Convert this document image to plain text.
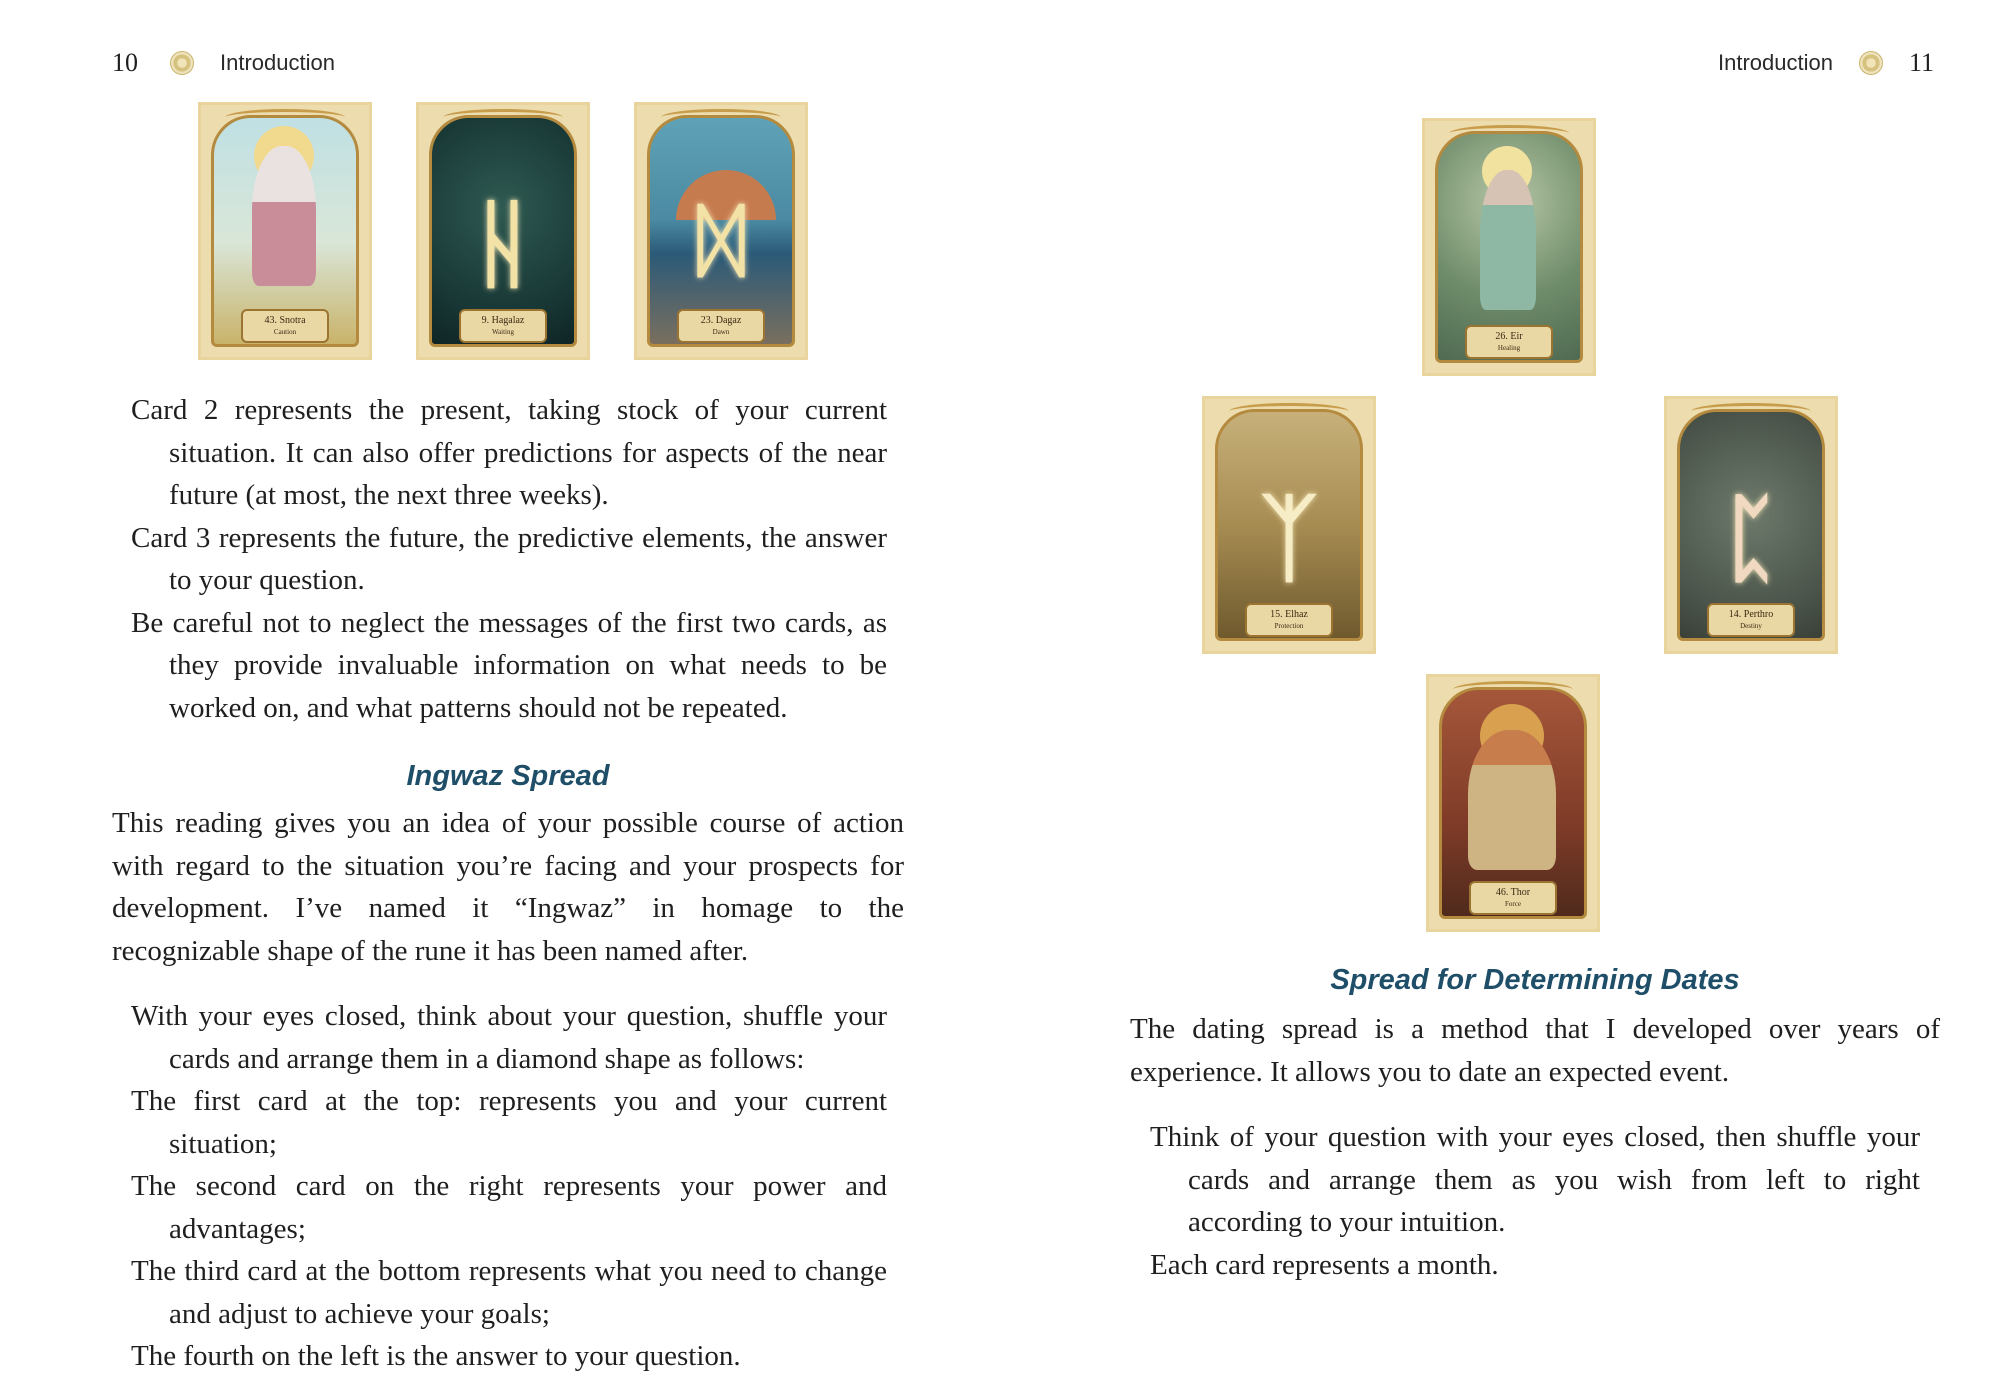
10	Introduction
43. Snotra
Caution
ᚺ
9. Hagalaz
Waiting
ᛞ
23. Dagaz
Dawn

Card 2 represents the present, taking stock of your current situation. It can also offer predictions for aspects of the near future (at most, the next three weeks).

Card 3 represents the future, the predictive elements, the answer to your question.

Be careful not to neglect the messages of the first two cards, as they provide invaluable information on what needs to be worked on, and what patterns should not be repeated.

Ingwaz Spread

This reading gives you an idea of your possible course of action with regard to the situation you’re facing and your prospects for development. I’ve named it “Ingwaz” in homage to the recognizable shape of the rune it has been named after.

With your eyes closed, think about your question, shuffle your cards and arrange them in a diamond shape as follows:

The first card at the top: represents you and your current situation;

The second card on the right represents your power and advantages;

The third card at the bottom represents what you need to change and adjust to achieve your goals;

The fourth on the left is the answer to your question.

Introduction	11
26. Eir
Healing
ᛉ
15. Elhaz
Protection
ᛈ
14. Perthro
Destiny
46. Thor
Force
Spread for Determining Dates

The dating spread is a method that I developed over years of experience. It allows you to date an expected event.

Think of your question with your eyes closed, then shuffle your cards and arrange them as you wish from left to right according to your intuition.

Each card represents a month.
